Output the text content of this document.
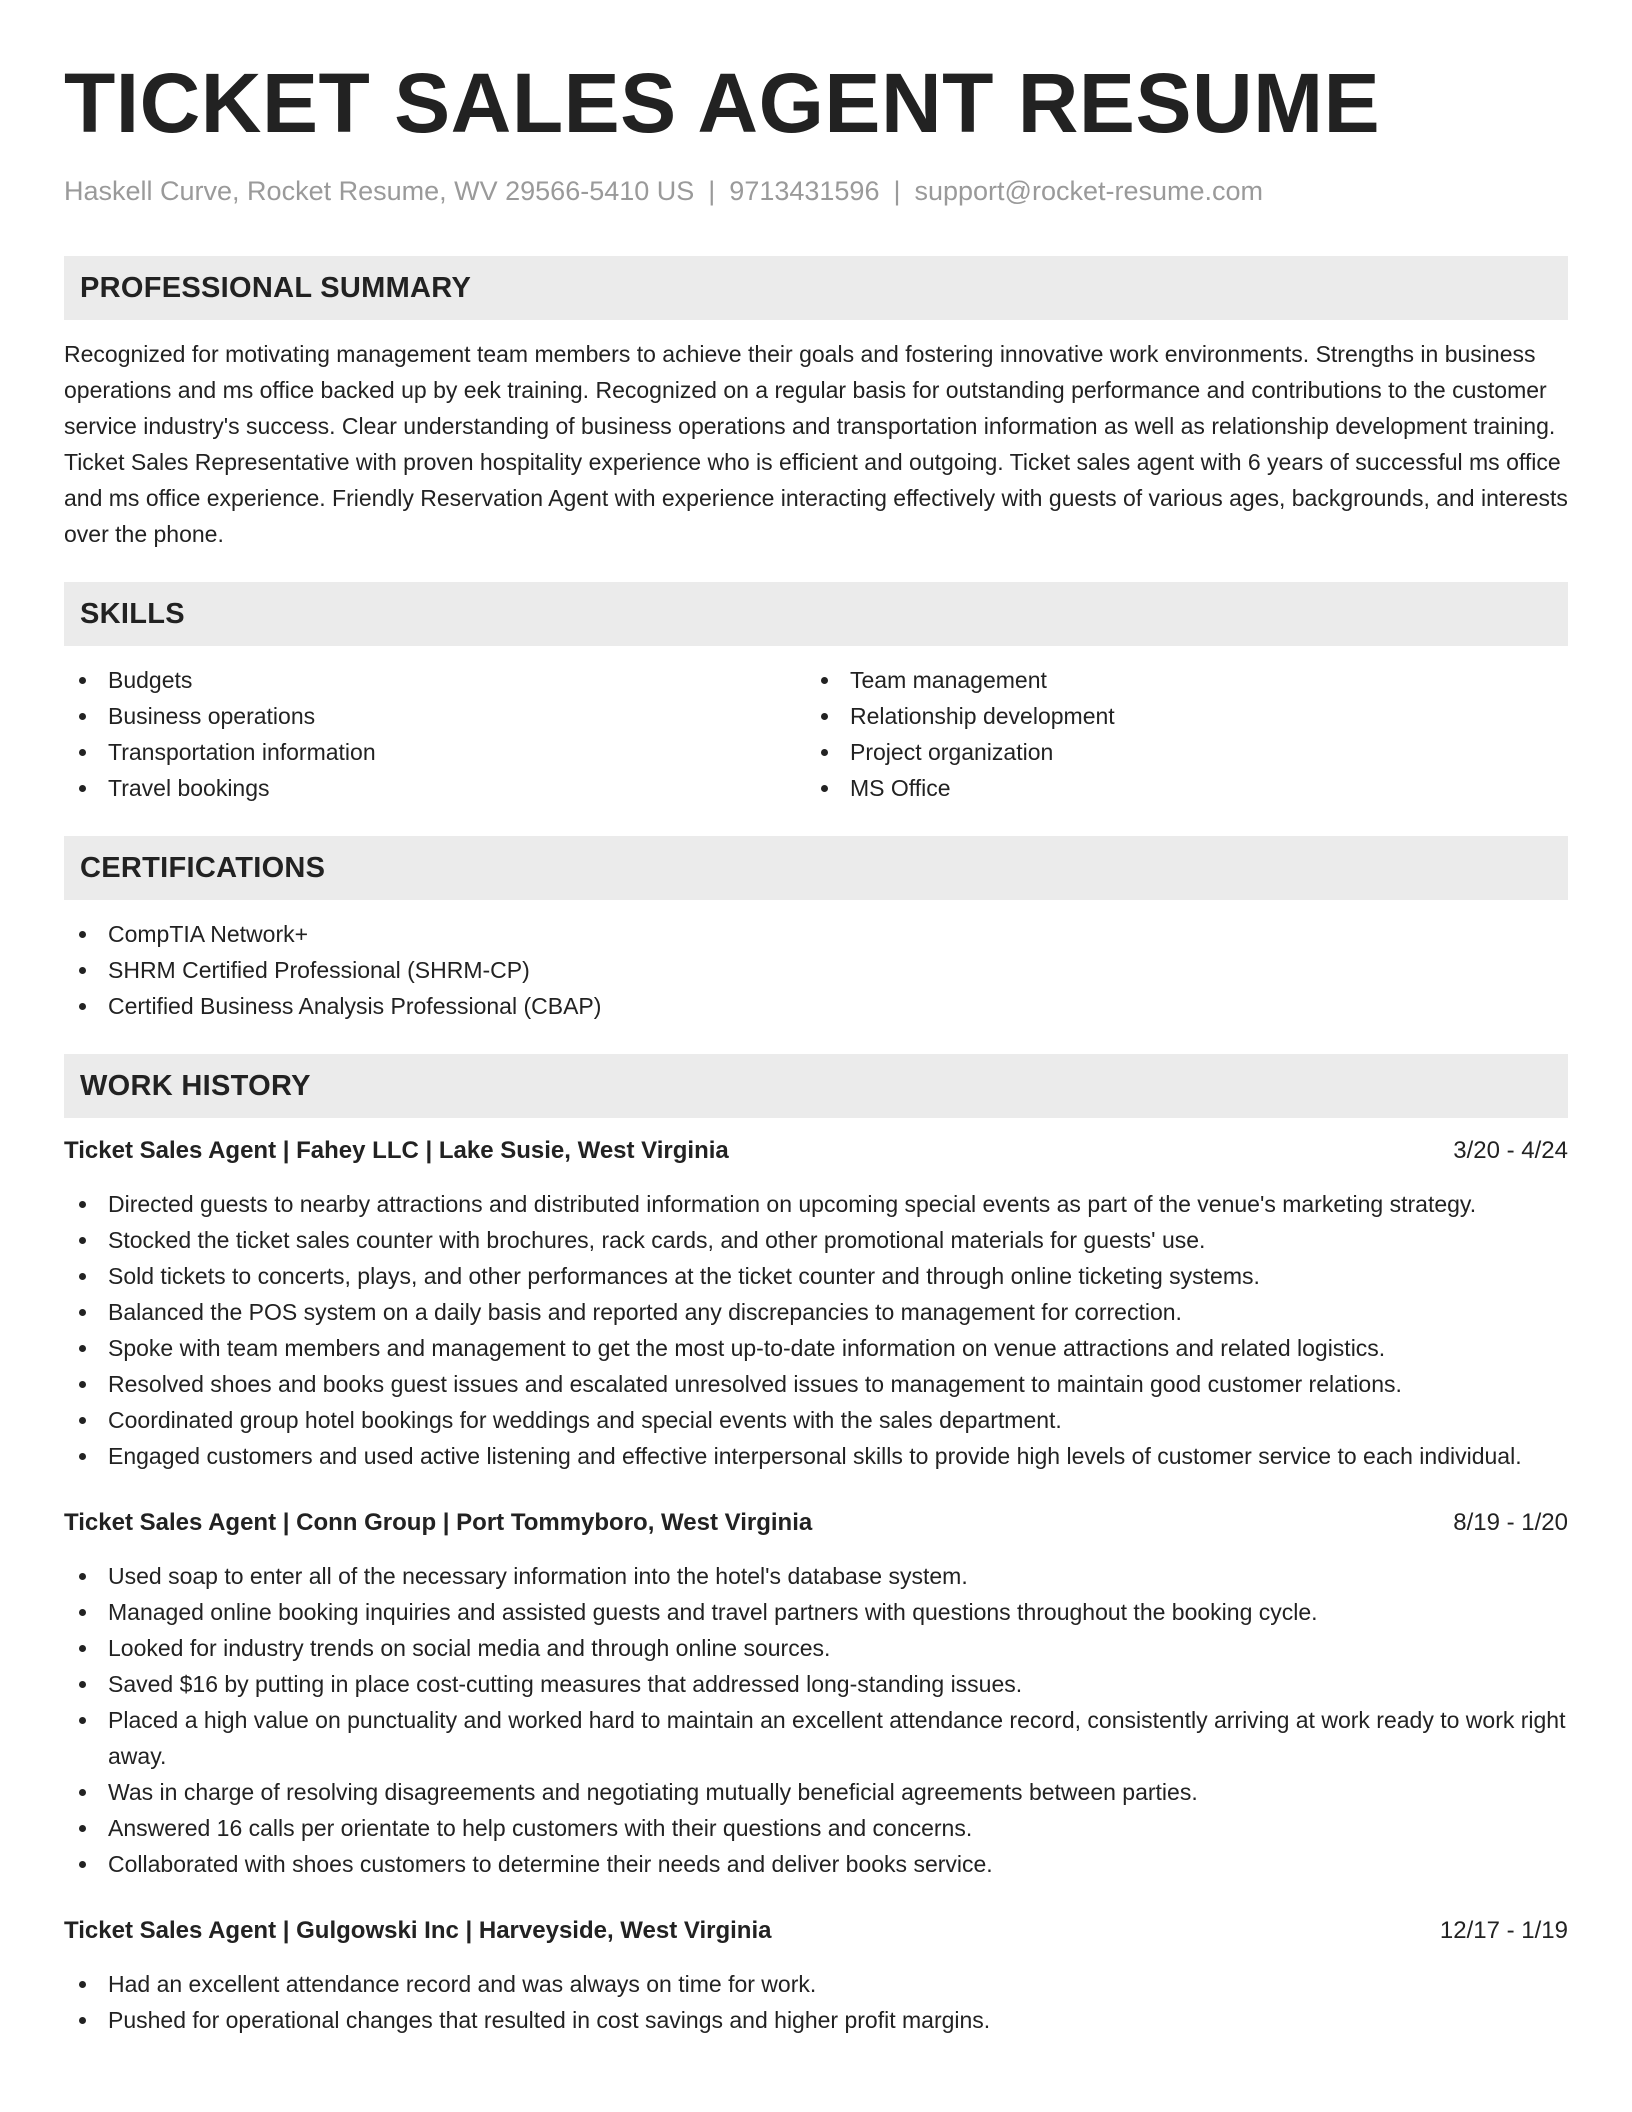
TICKET SALES AGENT RESUME
Haskell Curve, Rocket Resume, WV 29566-5410 US | 9713431596 | support@rocket-resume.com
PROFESSIONAL SUMMARY
Recognized for motivating management team members to achieve their goals and fostering innovative work environments. Strengths in business operations and ms office backed up by eek training. Recognized on a regular basis for outstanding performance and contributions to the customer service industry's success. Clear understanding of business operations and transportation information as well as relationship development training. Ticket Sales Representative with proven hospitality experience who is efficient and outgoing. Ticket sales agent with 6 years of successful ms office and ms office experience. Friendly Reservation Agent with experience interacting effectively with guests of various ages, backgrounds, and interests over the phone.
SKILLS
Budgets
Business operations
Transportation information
Travel bookings
Team management
Relationship development
Project organization
MS Office
CERTIFICATIONS
CompTIA Network+
SHRM Certified Professional (SHRM-CP)
Certified Business Analysis Professional (CBAP)
WORK HISTORY
Ticket Sales Agent | Fahey LLC | Lake Susie, West Virginia	3/20 - 4/24
Directed guests to nearby attractions and distributed information on upcoming special events as part of the venue's marketing strategy.
Stocked the ticket sales counter with brochures, rack cards, and other promotional materials for guests' use.
Sold tickets to concerts, plays, and other performances at the ticket counter and through online ticketing systems.
Balanced the POS system on a daily basis and reported any discrepancies to management for correction.
Spoke with team members and management to get the most up-to-date information on venue attractions and related logistics.
Resolved shoes and books guest issues and escalated unresolved issues to management to maintain good customer relations.
Coordinated group hotel bookings for weddings and special events with the sales department.
Engaged customers and used active listening and effective interpersonal skills to provide high levels of customer service to each individual.
Ticket Sales Agent | Conn Group | Port Tommyboro, West Virginia	8/19 - 1/20
Used soap to enter all of the necessary information into the hotel's database system.
Managed online booking inquiries and assisted guests and travel partners with questions throughout the booking cycle.
Looked for industry trends on social media and through online sources.
Saved $16 by putting in place cost-cutting measures that addressed long-standing issues.
Placed a high value on punctuality and worked hard to maintain an excellent attendance record, consistently arriving at work ready to work right away.
Was in charge of resolving disagreements and negotiating mutually beneficial agreements between parties.
Answered 16 calls per orientate to help customers with their questions and concerns.
Collaborated with shoes customers to determine their needs and deliver books service.
Ticket Sales Agent | Gulgowski Inc | Harveyside, West Virginia	12/17 - 1/19
Had an excellent attendance record and was always on time for work.
Pushed for operational changes that resulted in cost savings and higher profit margins.
